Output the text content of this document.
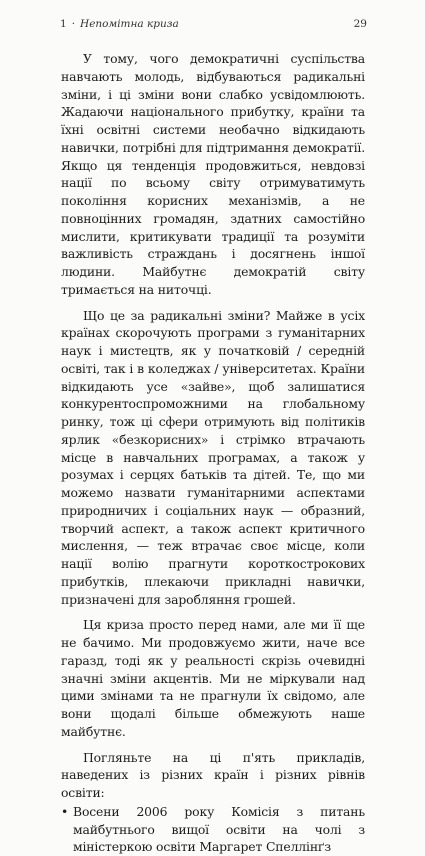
1 · Непомітна криза	29

У тому, чого демократичні суспільства навчають молодь, відбуваються радикальні зміни, і ці зміни вони слабко усвідомлюють. Жадаючи національного прибутку, країни та їхні освітні системи необачно відкидають навички, потрібні для підтримання демократії. Якщо ця тенденція продовжиться, невдовзі нації по всьому світу отримуватимуть покоління корисних механізмів, а не повноцінних громадян, здатних самостійно мислити, критикувати традиції та розуміти важливість страждань і досягнень іншої людини. Майбутнє демократій світу тримається на ниточці.

Що це за радикальні зміни? Майже в усіх країнах скорочують програми з гуманітарних наук і мистецтв, як у початковій / середній освіті, так і в коледжах / університетах. Країни відкидають усе «зайве», щоб залишатися конкурентоспроможними на глобальному ринку, тож ці сфери отримують від політиків ярлик «безкорисних» і стрімко втрачають місце в навчальних програмах, а також у розумах і серцях батьків та дітей. Те, що ми можемо назвати гуманітарними аспектами природничих і соціальних наук — образний, творчий аспект, а також аспект критичного мислення, — теж втрачає своє місце, коли нації волію прагнути короткострокових прибутків, плекаючи прикладні навички, призначені для заробляння грошей.

Ця криза просто перед нами, але ми її ще не бачимо. Ми продовжуємо жити, наче все гаразд, тоді як у реальності скрізь очевидні значні зміни акцентів. Ми не міркували над цими змінами та не прагнули їх свідомо, але вони щодалі більше обмежують наше майбутнє.

Погляньте на ці п'ять прикладів, наведених із різних країн і різних рівнів освіти:

• Восени 2006 року Комісія з питань майбутнього вищої освіти на чолі з міністеркою освіти Маргарет Спеллінґз
